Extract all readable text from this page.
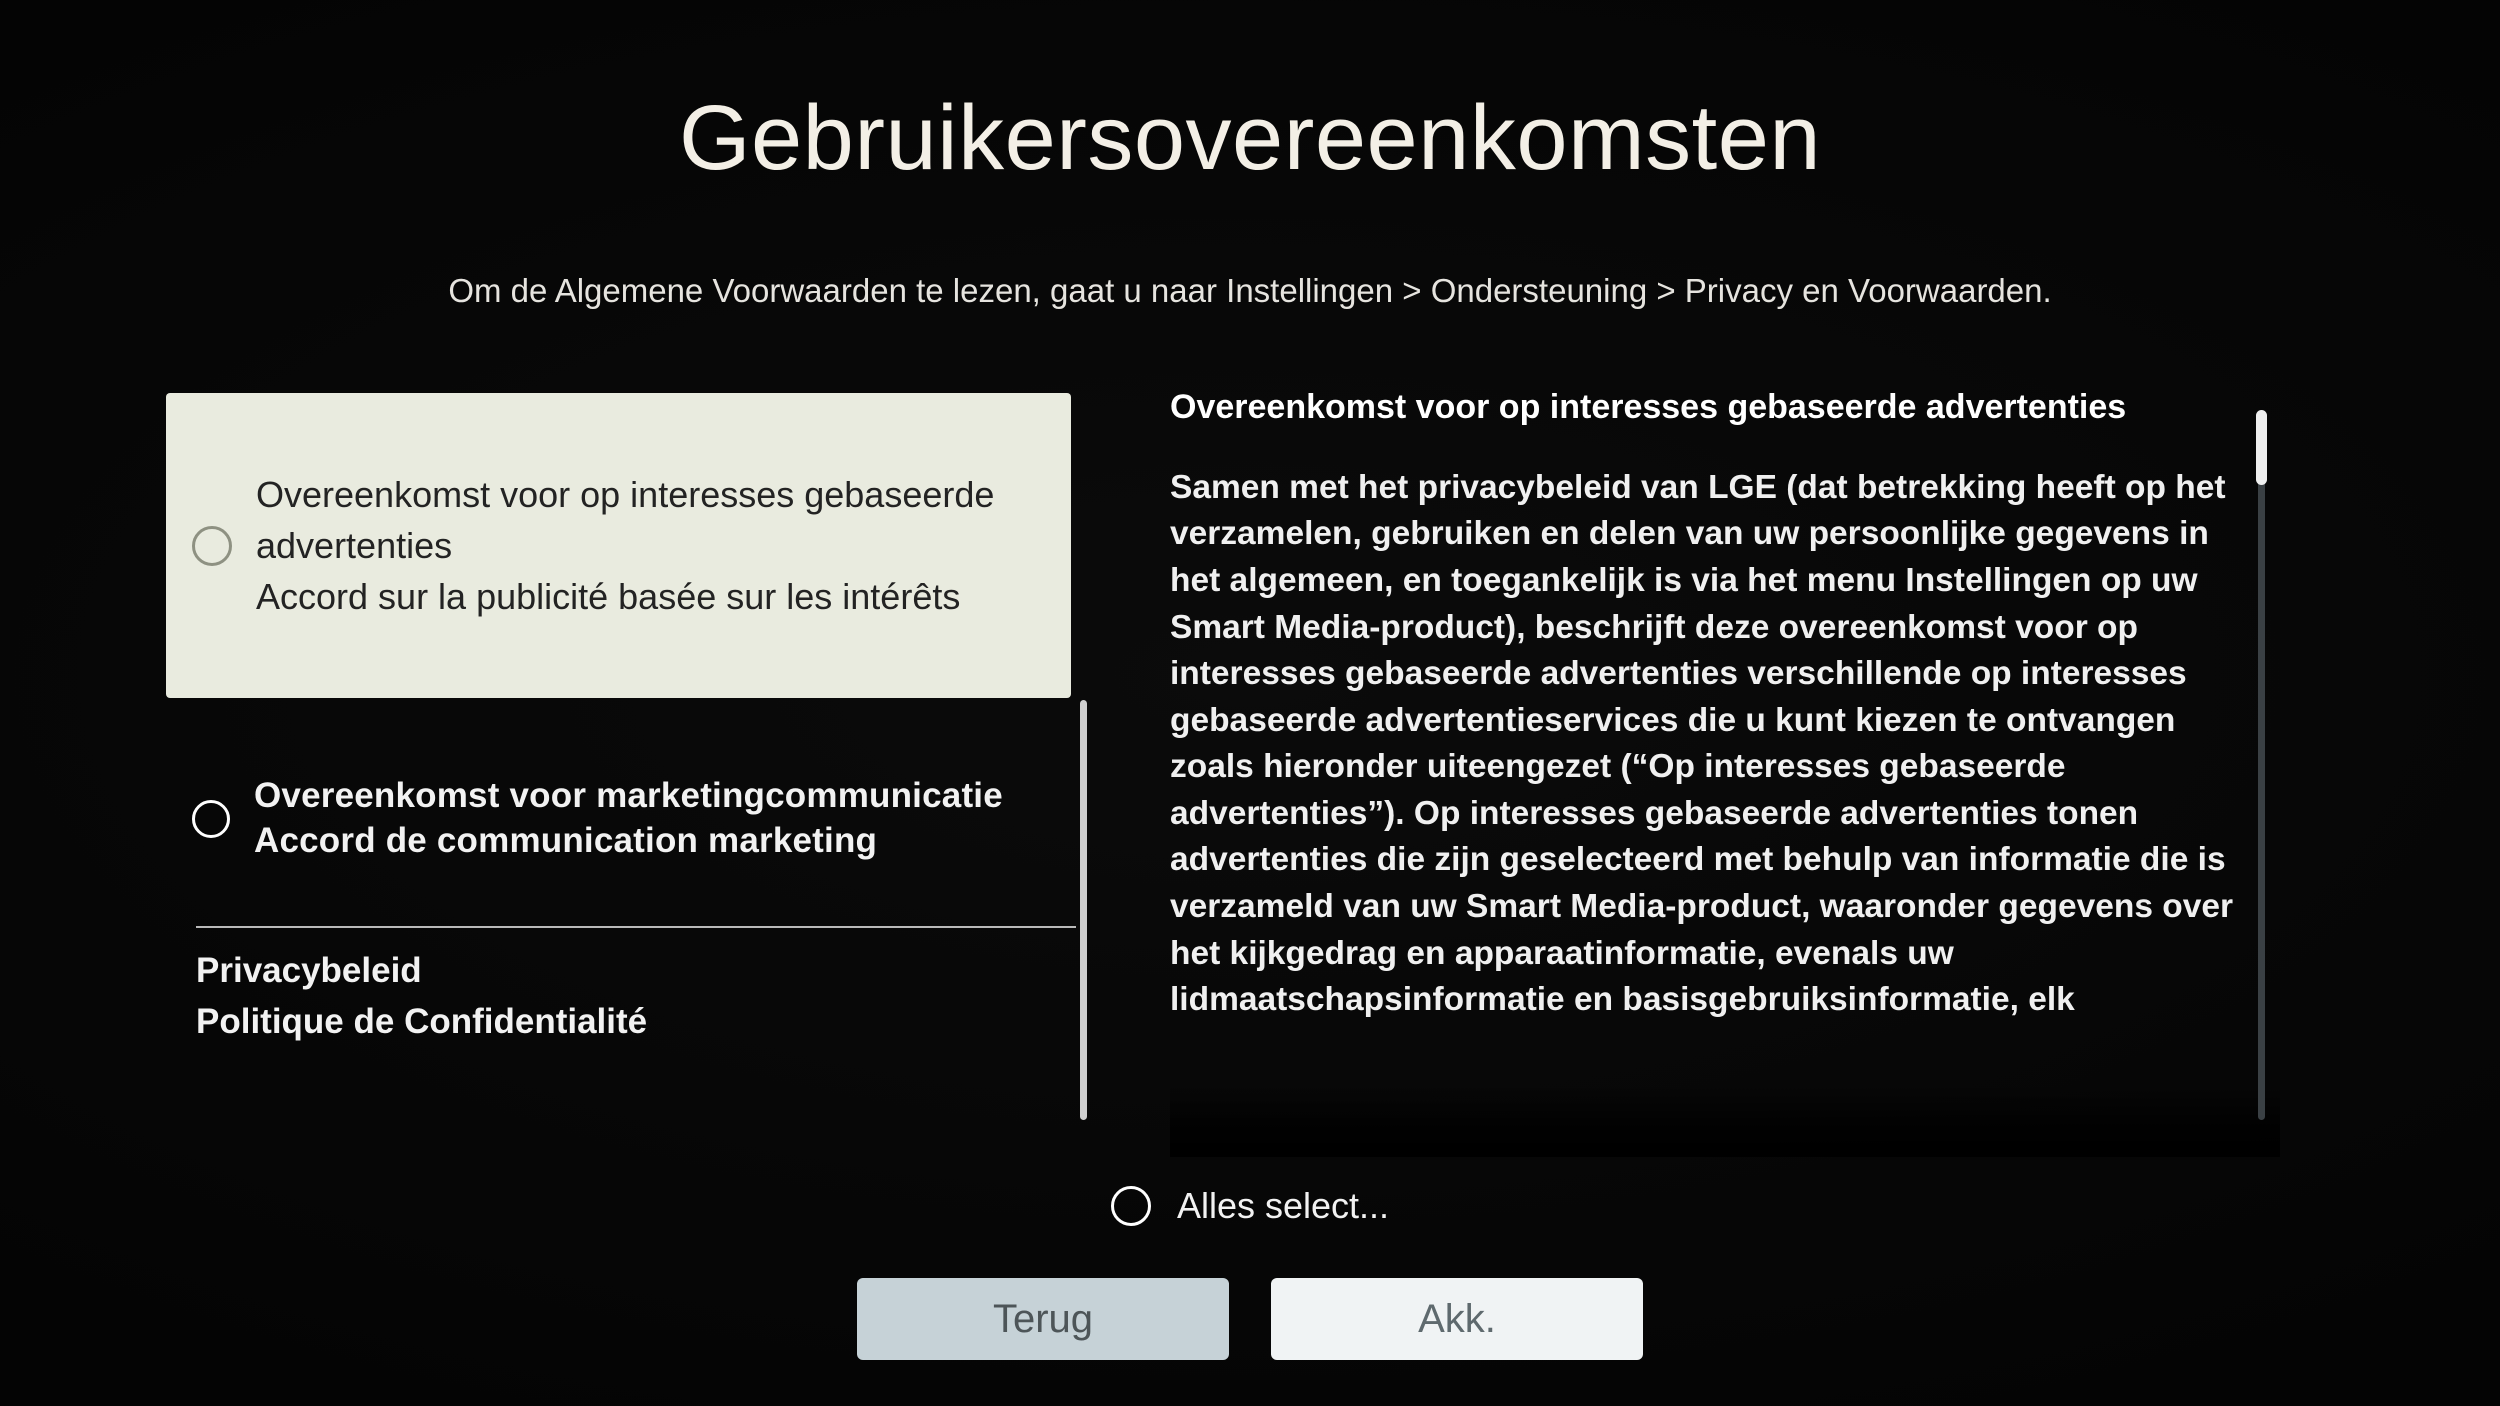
Gebruikersovereenkomsten
Om de Algemene Voorwaarden te lezen, gaat u naar Instellingen > Ondersteuning > Privacy en Voorwaarden.
Overeenkomst voor op interesses gebaseerde advertenties
Accord sur la publicité basée sur les intérêts
Overeenkomst voor marketingcommunicatie
Accord de communication marketing
Privacybeleid
Politique de Confidentialité

Overeenkomst voor op interesses gebaseerde advertenties

Samen met het privacybeleid van LGE (dat betrekking heeft op het verzamelen, gebruiken en delen van uw persoonlijke gegevens in het algemeen, en toegankelijk is via het menu Instellingen op uw Smart Media-product), beschrijft deze overeenkomst voor op interesses gebaseerde advertenties verschillende op interesses gebaseerde advertentieservices die u kunt kiezen te ontvangen zoals hieronder uiteengezet (“Op interesses gebaseerde advertenties”). Op interesses gebaseerde advertenties tonen advertenties die zijn geselecteerd met behulp van informatie die is verzameld van uw Smart Media-product, waaronder gegevens over het kijkgedrag en apparaatinformatie, evenals uw lidmaatschapsinformatie en basisgebruiksinformatie, elk

Alles select...
Terug	Akk.
